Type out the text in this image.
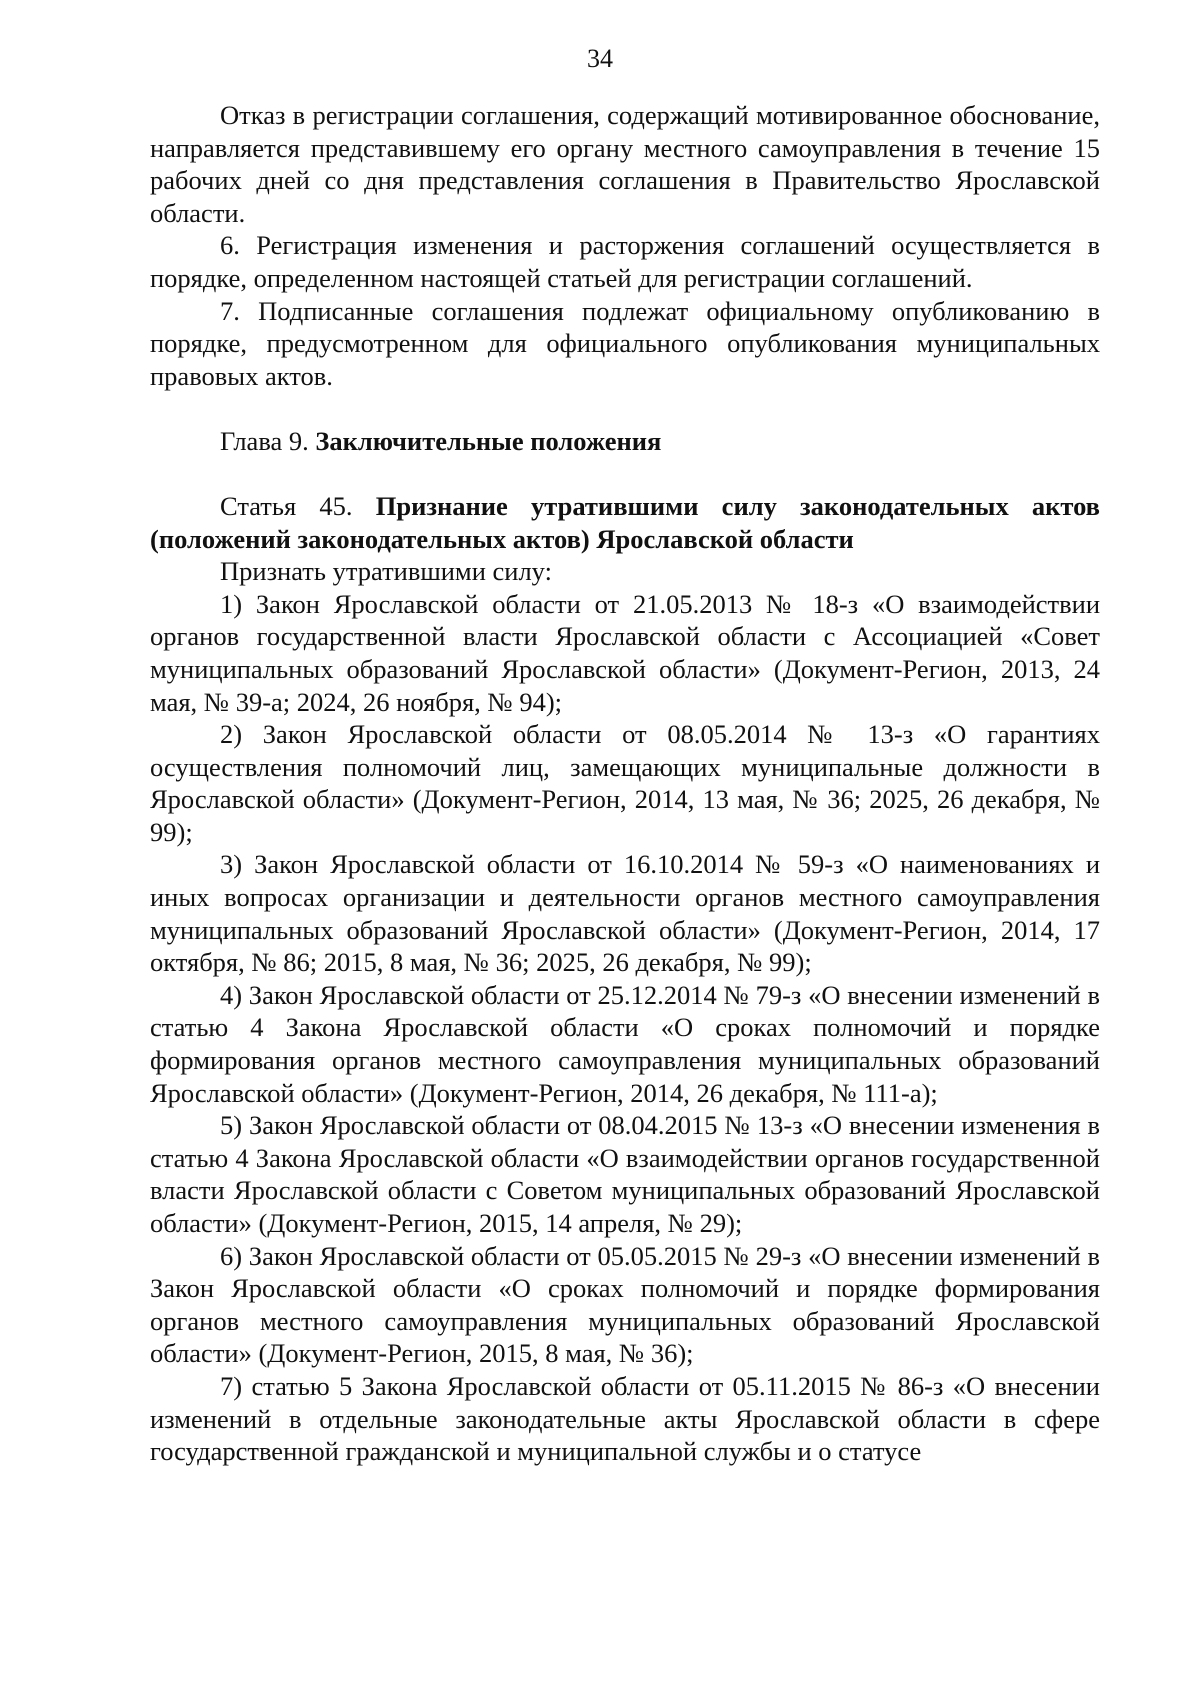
34

Отказ в регистрации соглашения, содержащий мотивированное обоснование, направляется представившему его органу местного самоуправления в течение 15 рабочих дней со дня представления соглашения в Правительство Ярославской области.

6. Регистрация изменения и расторжения соглашений осуществляется в порядке, определенном настоящей статьей для регистрации соглашений.

7. Подписанные соглашения подлежат официальному опубликованию в порядке, предусмотренном для официального опубликования муниципальных правовых актов.

Глава 9. Заключительные положения

Статья 45. Признание утратившими силу законодательных актов (положений законодательных актов) Ярославской области

Признать утратившими силу:

1) Закон Ярославской области от 21.05.2013 № 18-з «О взаимодействии органов государственной власти Ярославской области с Ассоциацией «Совет муниципальных образований Ярославской области» (Документ-Регион, 2013, 24 мая, № 39-а; 2024, 26 ноября, № 94);

2) Закон Ярославской области от 08.05.2014 № 13-з «О гарантиях осуществления полномочий лиц, замещающих муниципальные должности в Ярославской области» (Документ-Регион, 2014, 13 мая, № 36; 2025, 26 декабря, № 99);

3) Закон Ярославской области от 16.10.2014 № 59-з «О наименованиях и иных вопросах организации и деятельности органов местного самоуправления муниципальных образований Ярославской области» (Документ-Регион, 2014, 17 октября, № 86; 2015, 8 мая, № 36; 2025, 26 декабря, № 99);

4) Закон Ярославской области от 25.12.2014 № 79-з «О внесении изменений в статью 4 Закона Ярославской области «О сроках полномочий и порядке формирования органов местного самоуправления муниципальных образований Ярославской области» (Документ-Регион, 2014, 26 декабря, № 111-а);

5) Закон Ярославской области от 08.04.2015 № 13-з «О внесении изменения в статью 4 Закона Ярославской области «О взаимодействии органов государственной власти Ярославской области с Советом муниципальных образований Ярославской области» (Документ-Регион, 2015, 14 апреля, № 29);

6) Закон Ярославской области от 05.05.2015 № 29-з «О внесении изменений в Закон Ярославской области «О сроках полномочий и порядке формирования органов местного самоуправления муниципальных образований Ярославской области» (Документ-Регион, 2015, 8 мая, № 36);

7) статью 5 Закона Ярославской области от 05.11.2015 № 86-з «О внесении изменений в отдельные законодательные акты Ярославской области в сфере государственной гражданской и муниципальной службы и о статусе
